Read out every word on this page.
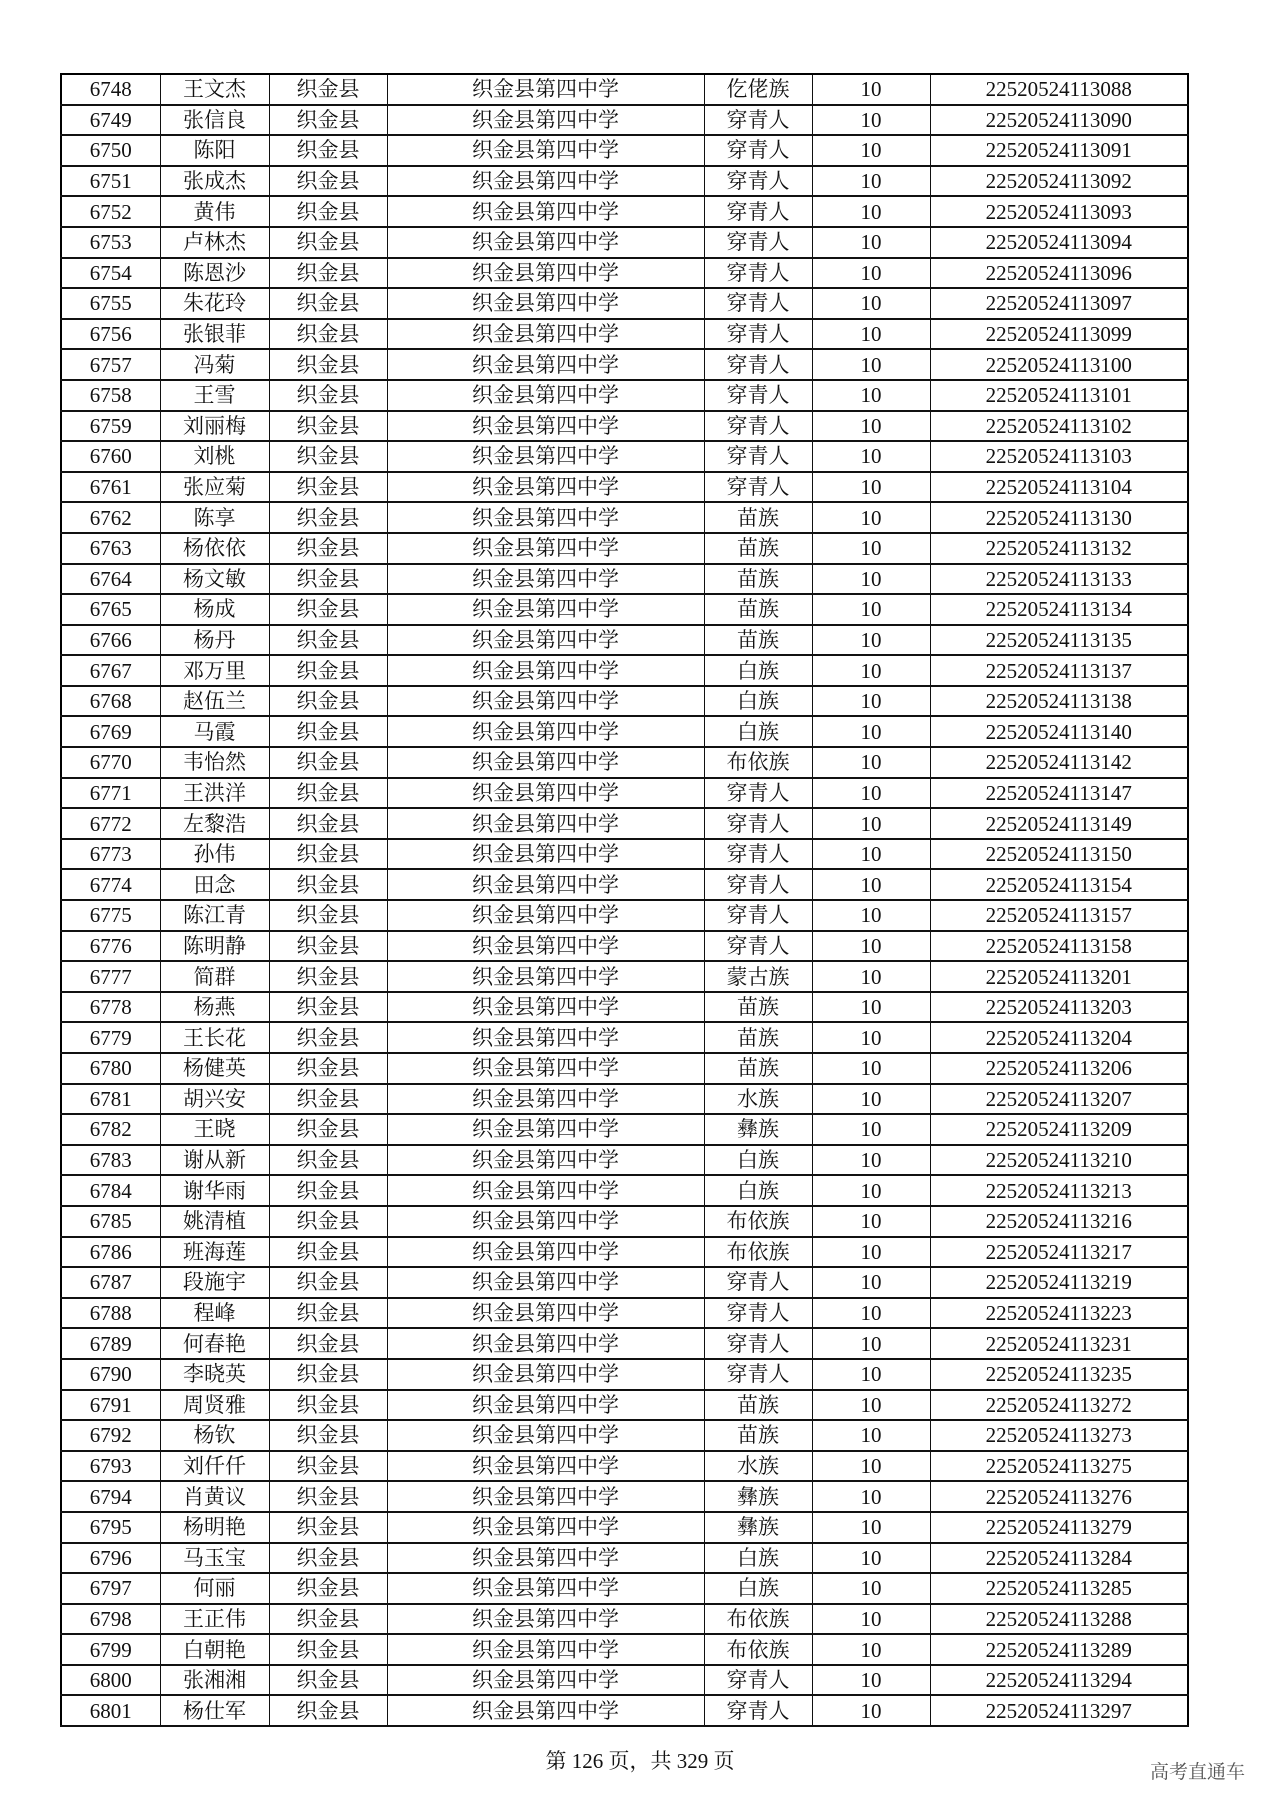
6748	王文杰	织金县	织金县第四中学	仡佬族	10	22520524113088
6749	张信良	织金县	织金县第四中学	穿青人	10	22520524113090
6750	陈阳	织金县	织金县第四中学	穿青人	10	22520524113091
6751	张成杰	织金县	织金县第四中学	穿青人	10	22520524113092
6752	黄伟	织金县	织金县第四中学	穿青人	10	22520524113093
6753	卢林杰	织金县	织金县第四中学	穿青人	10	22520524113094
6754	陈恩沙	织金县	织金县第四中学	穿青人	10	22520524113096
6755	朱花玲	织金县	织金县第四中学	穿青人	10	22520524113097
6756	张银菲	织金县	织金县第四中学	穿青人	10	22520524113099
6757	冯菊	织金县	织金县第四中学	穿青人	10	22520524113100
6758	王雪	织金县	织金县第四中学	穿青人	10	22520524113101
6759	刘丽梅	织金县	织金县第四中学	穿青人	10	22520524113102
6760	刘桃	织金县	织金县第四中学	穿青人	10	22520524113103
6761	张应菊	织金县	织金县第四中学	穿青人	10	22520524113104
6762	陈享	织金县	织金县第四中学	苗族	10	22520524113130
6763	杨依依	织金县	织金县第四中学	苗族	10	22520524113132
6764	杨文敏	织金县	织金县第四中学	苗族	10	22520524113133
6765	杨成	织金县	织金县第四中学	苗族	10	22520524113134
6766	杨丹	织金县	织金县第四中学	苗族	10	22520524113135
6767	邓万里	织金县	织金县第四中学	白族	10	22520524113137
6768	赵伍兰	织金县	织金县第四中学	白族	10	22520524113138
6769	马霞	织金县	织金县第四中学	白族	10	22520524113140
6770	韦怡然	织金县	织金县第四中学	布依族	10	22520524113142
6771	王洪洋	织金县	织金县第四中学	穿青人	10	22520524113147
6772	左黎浩	织金县	织金县第四中学	穿青人	10	22520524113149
6773	孙伟	织金县	织金县第四中学	穿青人	10	22520524113150
6774	田念	织金县	织金县第四中学	穿青人	10	22520524113154
6775	陈江青	织金县	织金县第四中学	穿青人	10	22520524113157
6776	陈明静	织金县	织金县第四中学	穿青人	10	22520524113158
6777	简群	织金县	织金县第四中学	蒙古族	10	22520524113201
6778	杨燕	织金县	织金县第四中学	苗族	10	22520524113203
6779	王长花	织金县	织金县第四中学	苗族	10	22520524113204
6780	杨健英	织金县	织金县第四中学	苗族	10	22520524113206
6781	胡兴安	织金县	织金县第四中学	水族	10	22520524113207
6782	王晓	织金县	织金县第四中学	彝族	10	22520524113209
6783	谢从新	织金县	织金县第四中学	白族	10	22520524113210
6784	谢华雨	织金县	织金县第四中学	白族	10	22520524113213
6785	姚清植	织金县	织金县第四中学	布依族	10	22520524113216
6786	班海莲	织金县	织金县第四中学	布依族	10	22520524113217
6787	段施宇	织金县	织金县第四中学	穿青人	10	22520524113219
6788	程峰	织金县	织金县第四中学	穿青人	10	22520524113223
6789	何春艳	织金县	织金县第四中学	穿青人	10	22520524113231
6790	李晓英	织金县	织金县第四中学	穿青人	10	22520524113235
6791	周贤雅	织金县	织金县第四中学	苗族	10	22520524113272
6792	杨钦	织金县	织金县第四中学	苗族	10	22520524113273
6793	刘仟仟	织金县	织金县第四中学	水族	10	22520524113275
6794	肖黄议	织金县	织金县第四中学	彝族	10	22520524113276
6795	杨明艳	织金县	织金县第四中学	彝族	10	22520524113279
6796	马玉宝	织金县	织金县第四中学	白族	10	22520524113284
6797	何丽	织金县	织金县第四中学	白族	10	22520524113285
6798	王正伟	织金县	织金县第四中学	布依族	10	22520524113288
6799	白朝艳	织金县	织金县第四中学	布依族	10	22520524113289
6800	张湘湘	织金县	织金县第四中学	穿青人	10	22520524113294
6801	杨仕军	织金县	织金县第四中学	穿青人	10	22520524113297
第 126 页，共 329 页	高考直通车
